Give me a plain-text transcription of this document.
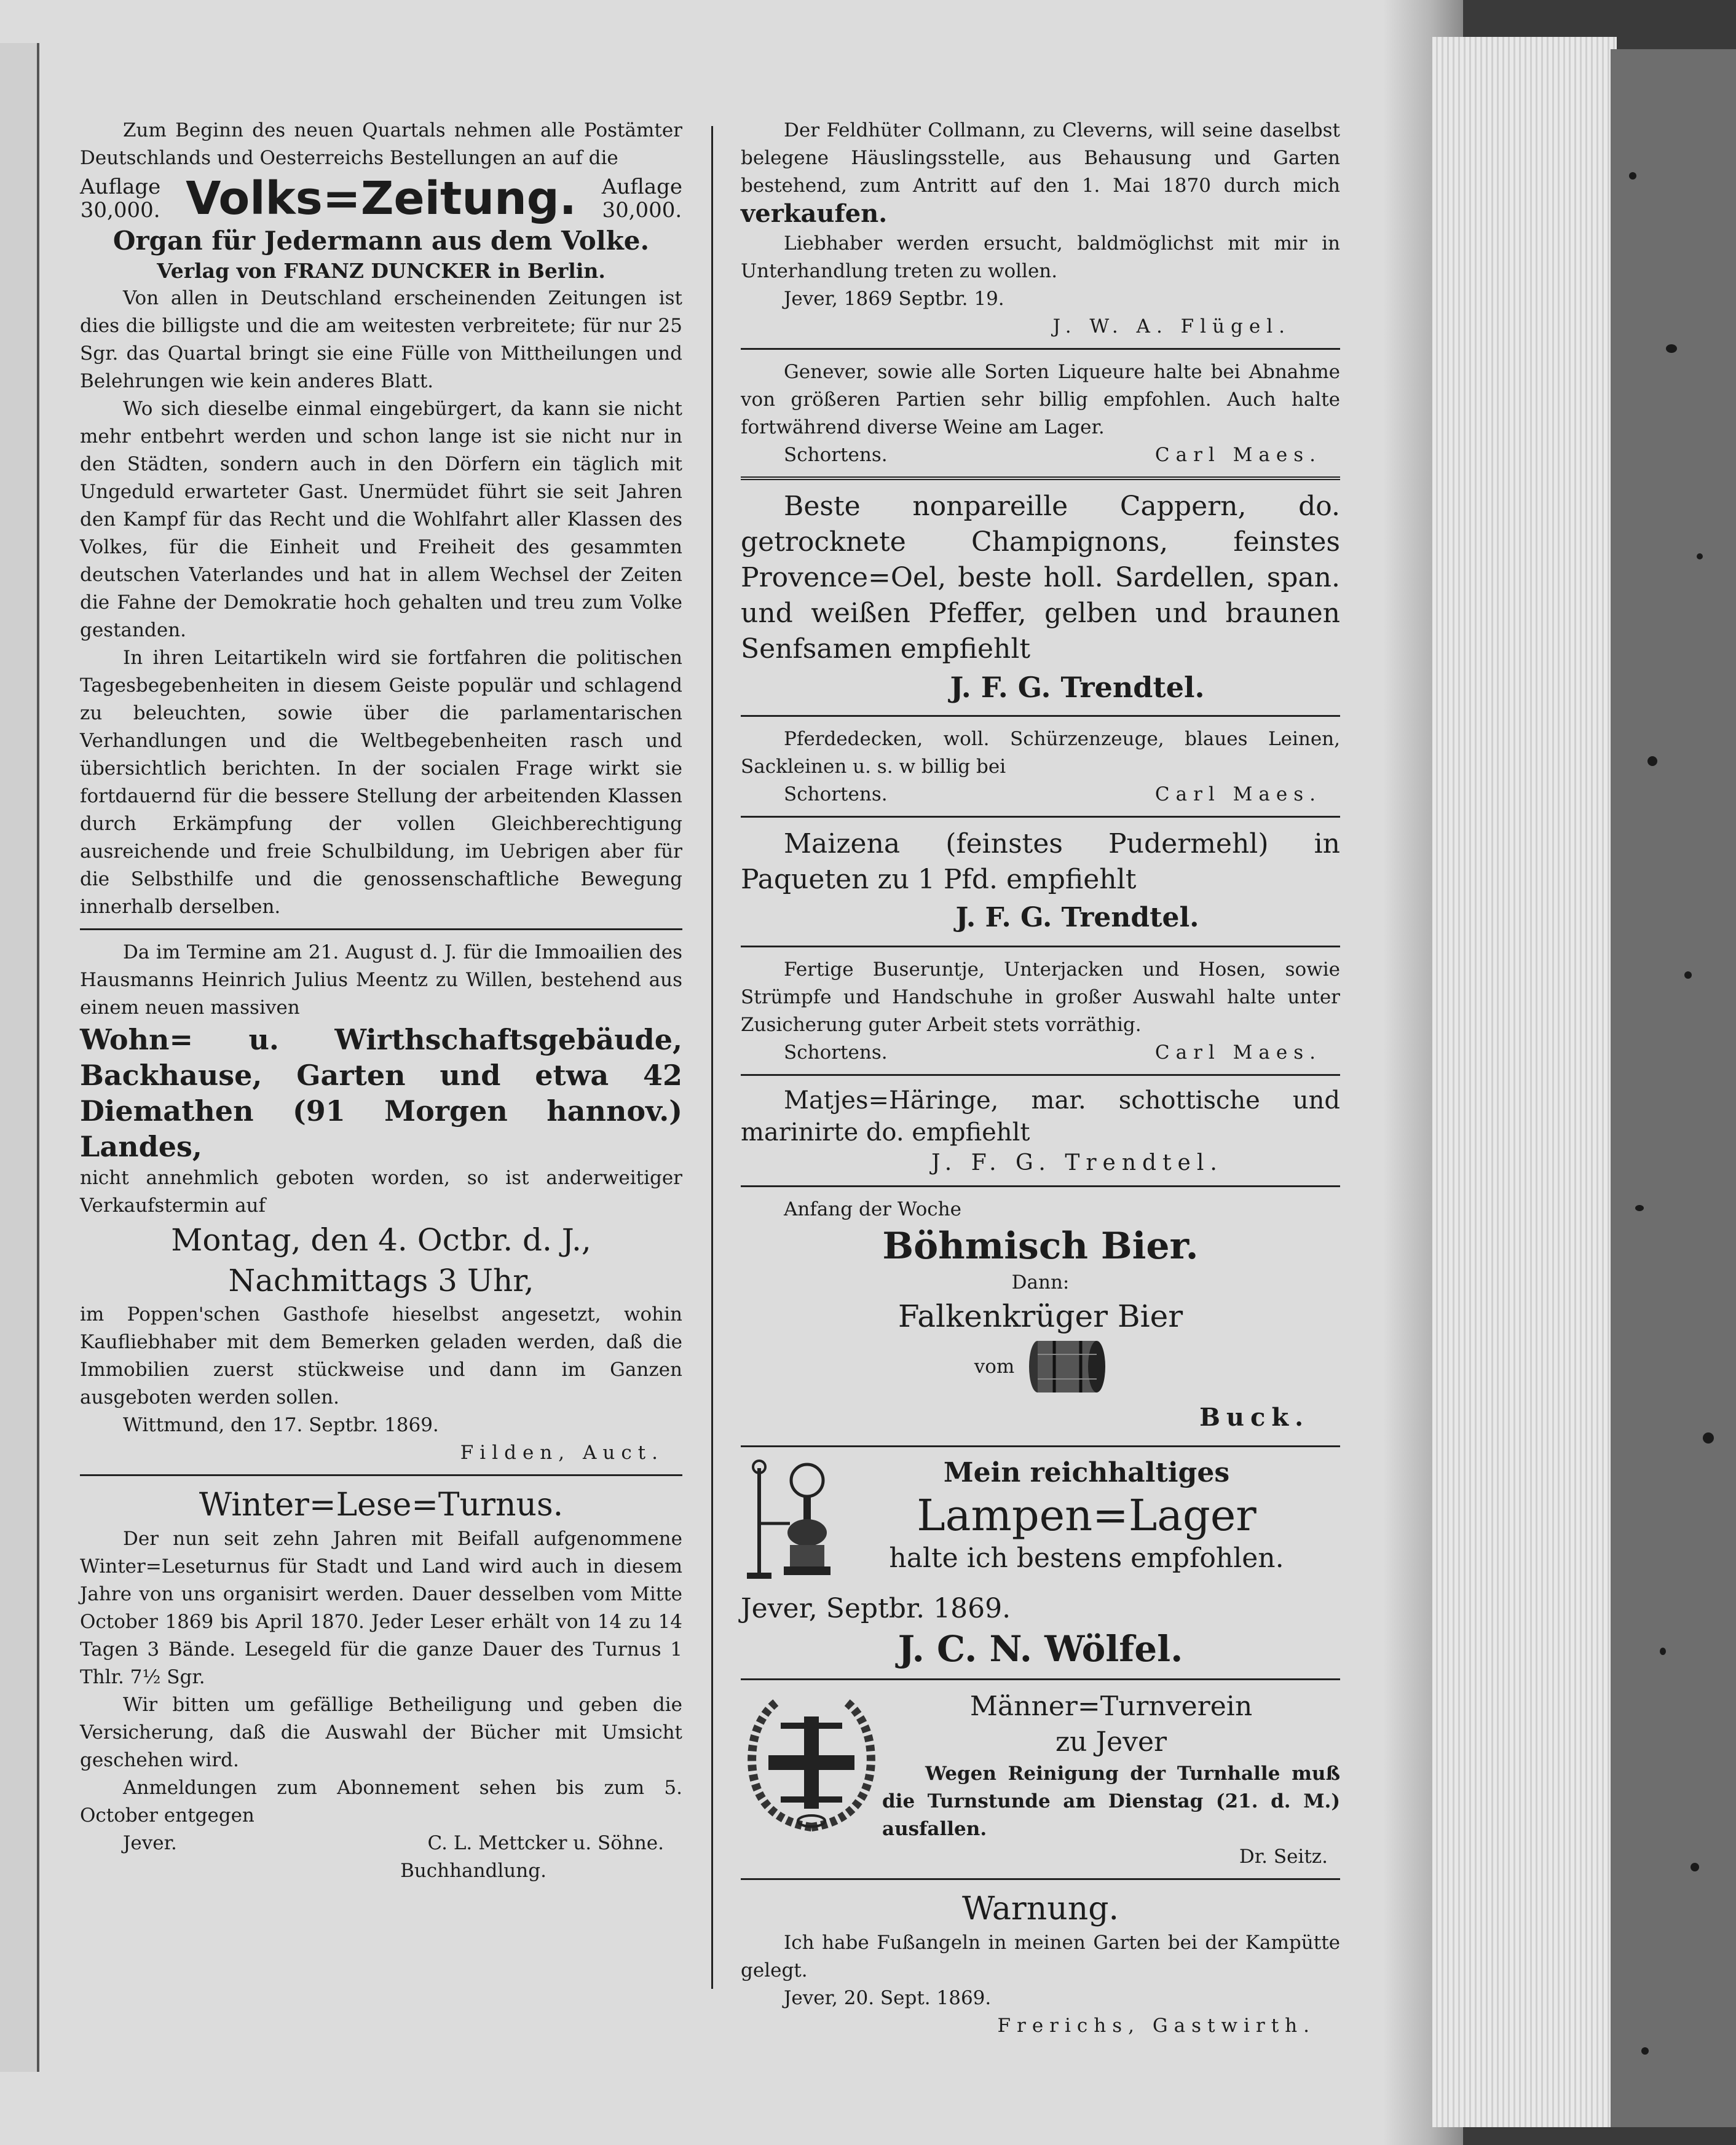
Zum Beginn des neuen Quartals nehmen alle Postämter Deutschlands und Oesterreichs Bestellungen an auf die

Auflage
30,000. Volks=Zeitung. Auflage
30,000.

Organ für Jedermann aus dem Volke.

Verlag von FRANZ DUNCKER in Berlin.

Von allen in Deutschland erscheinenden Zeitungen ist dies die billigste und die am weitesten verbreitete; für nur 25 Sgr. das Quartal bringt sie eine Fülle von Mittheilungen und Belehrungen wie kein anderes Blatt.

Wo sich dieselbe einmal eingebürgert, da kann sie nicht mehr entbehrt werden und schon lange ist sie nicht nur in den Städten, sondern auch in den Dörfern ein täglich mit Ungeduld erwarteter Gast. Unermüdet führt sie seit Jahren den Kampf für das Recht und die Wohlfahrt aller Klassen des Volkes, für die Einheit und Freiheit des gesammten deutschen Vaterlandes und hat in allem Wechsel der Zeiten die Fahne der Demokratie hoch gehalten und treu zum Volke gestanden.

In ihren Leitartikeln wird sie fortfahren die politischen Tagesbegebenheiten in diesem Geiste populär und schlagend zu beleuchten, sowie über die parlamentarischen Verhandlungen und die Weltbegebenheiten rasch und übersichtlich berichten. In der socialen Frage wirkt sie fortdauernd für die bessere Stellung der arbeitenden Klassen durch Erkämpfung der vollen Gleichberechtigung ausreichende und freie Schulbildung, im Uebrigen aber für die Selbsthilfe und die genossenschaftliche Bewegung innerhalb derselben.

Da im Termine am 21. August d. J. für die Immoailien des Hausmanns Heinrich Julius Meentz zu Willen, bestehend aus einem neuen massiven

Wohn= u. Wirthschaftsgebäude, Backhause, Garten und etwa 42 Diemathen (91 Morgen hannov.) Landes,

nicht annehmlich geboten worden, so ist anderweitiger Verkaufstermin auf

Montag, den 4. Octbr. d. J.,

Nachmittags 3 Uhr,

im Poppen'schen Gasthofe hieselbst angesetzt, wohin Kaufliebhaber mit dem Bemerken geladen werden, daß die Immobilien zuerst stückweise und dann im Ganzen ausgeboten werden sollen.

Wittmund, den 17. Septbr. 1869.

Filden, Auct.

Winter=Lese=Turnus.

Der nun seit zehn Jahren mit Beifall aufgenommene Winter=Leseturnus für Stadt und Land wird auch in diesem Jahre von uns organisirt werden. Dauer desselben vom Mitte October 1869 bis April 1870. Jeder Leser erhält von 14 zu 14 Tagen 3 Bände. Lesegeld für die ganze Dauer des Turnus 1 Thlr. 7½ Sgr.

Wir bitten um gefällige Betheiligung und geben die Versicherung, daß die Auswahl der Bücher mit Umsicht geschehen wird.

Anmeldungen zum Abonnement sehen bis zum 5. October entgegen

Jever.	C. L. Mettcker u. Söhne.

Buchhandlung.

Der Feldhüter Collmann, zu Cleverns, will seine daselbst belegene Häuslingsstelle, aus Behausung und Garten bestehend, zum Antritt auf den 1. Mai 1870 durch mich verkaufen.

Liebhaber werden ersucht, baldmöglichst mit mir in Unterhandlung treten zu wollen.

Jever, 1869 Septbr. 19.

J. W. A. Flügel.

Genever, sowie alle Sorten Liqueure halte bei Abnahme von größeren Partien sehr billig empfohlen. Auch halte fortwährend diverse Weine am Lager.

Schortens.	Carl Maes.

Beste nonpareille Cappern, do. getrocknete Champignons, feinstes Provence=Oel, beste holl. Sardellen, span. und weißen Pfeffer, gelben und braunen Senfsamen empfiehlt

J. F. G. Trendtel.

Pferdedecken, woll. Schürzenzeuge, blaues Leinen, Sackleinen u. s. w billig bei

Schortens.	Carl Maes.

Maizena (feinstes Pudermehl) in Paqueten zu 1 Pfd. empfiehlt

J. F. G. Trendtel.

Fertige Buseruntje, Unterjacken und Hosen, sowie Strümpfe und Handschuhe in großer Auswahl halte unter Zusicherung guter Arbeit stets vorräthig.

Schortens.	Carl Maes.

Matjes=Häringe, mar. schottische und marinirte do. empfiehlt

J. F. G. Trendtel.

Anfang der Woche

Böhmisch Bier.

Dann:

Falkenkrüger Bier

vom

Buck.

Mein reichhaltiges

Lampen=Lager

halte ich bestens empfohlen.

Jever, Septbr. 1869.

J. C. N. Wölfel.

Männer=Turnverein

zu Jever

Wegen Reinigung der Turnhalle muß die Turnstunde am Dienstag (21. d. M.) ausfallen.

Dr. Seitz.

Warnung.

Ich habe Fußangeln in meinen Garten bei der Kampütte gelegt.

Jever, 20. Sept. 1869.

Frerichs, Gastwirth.
